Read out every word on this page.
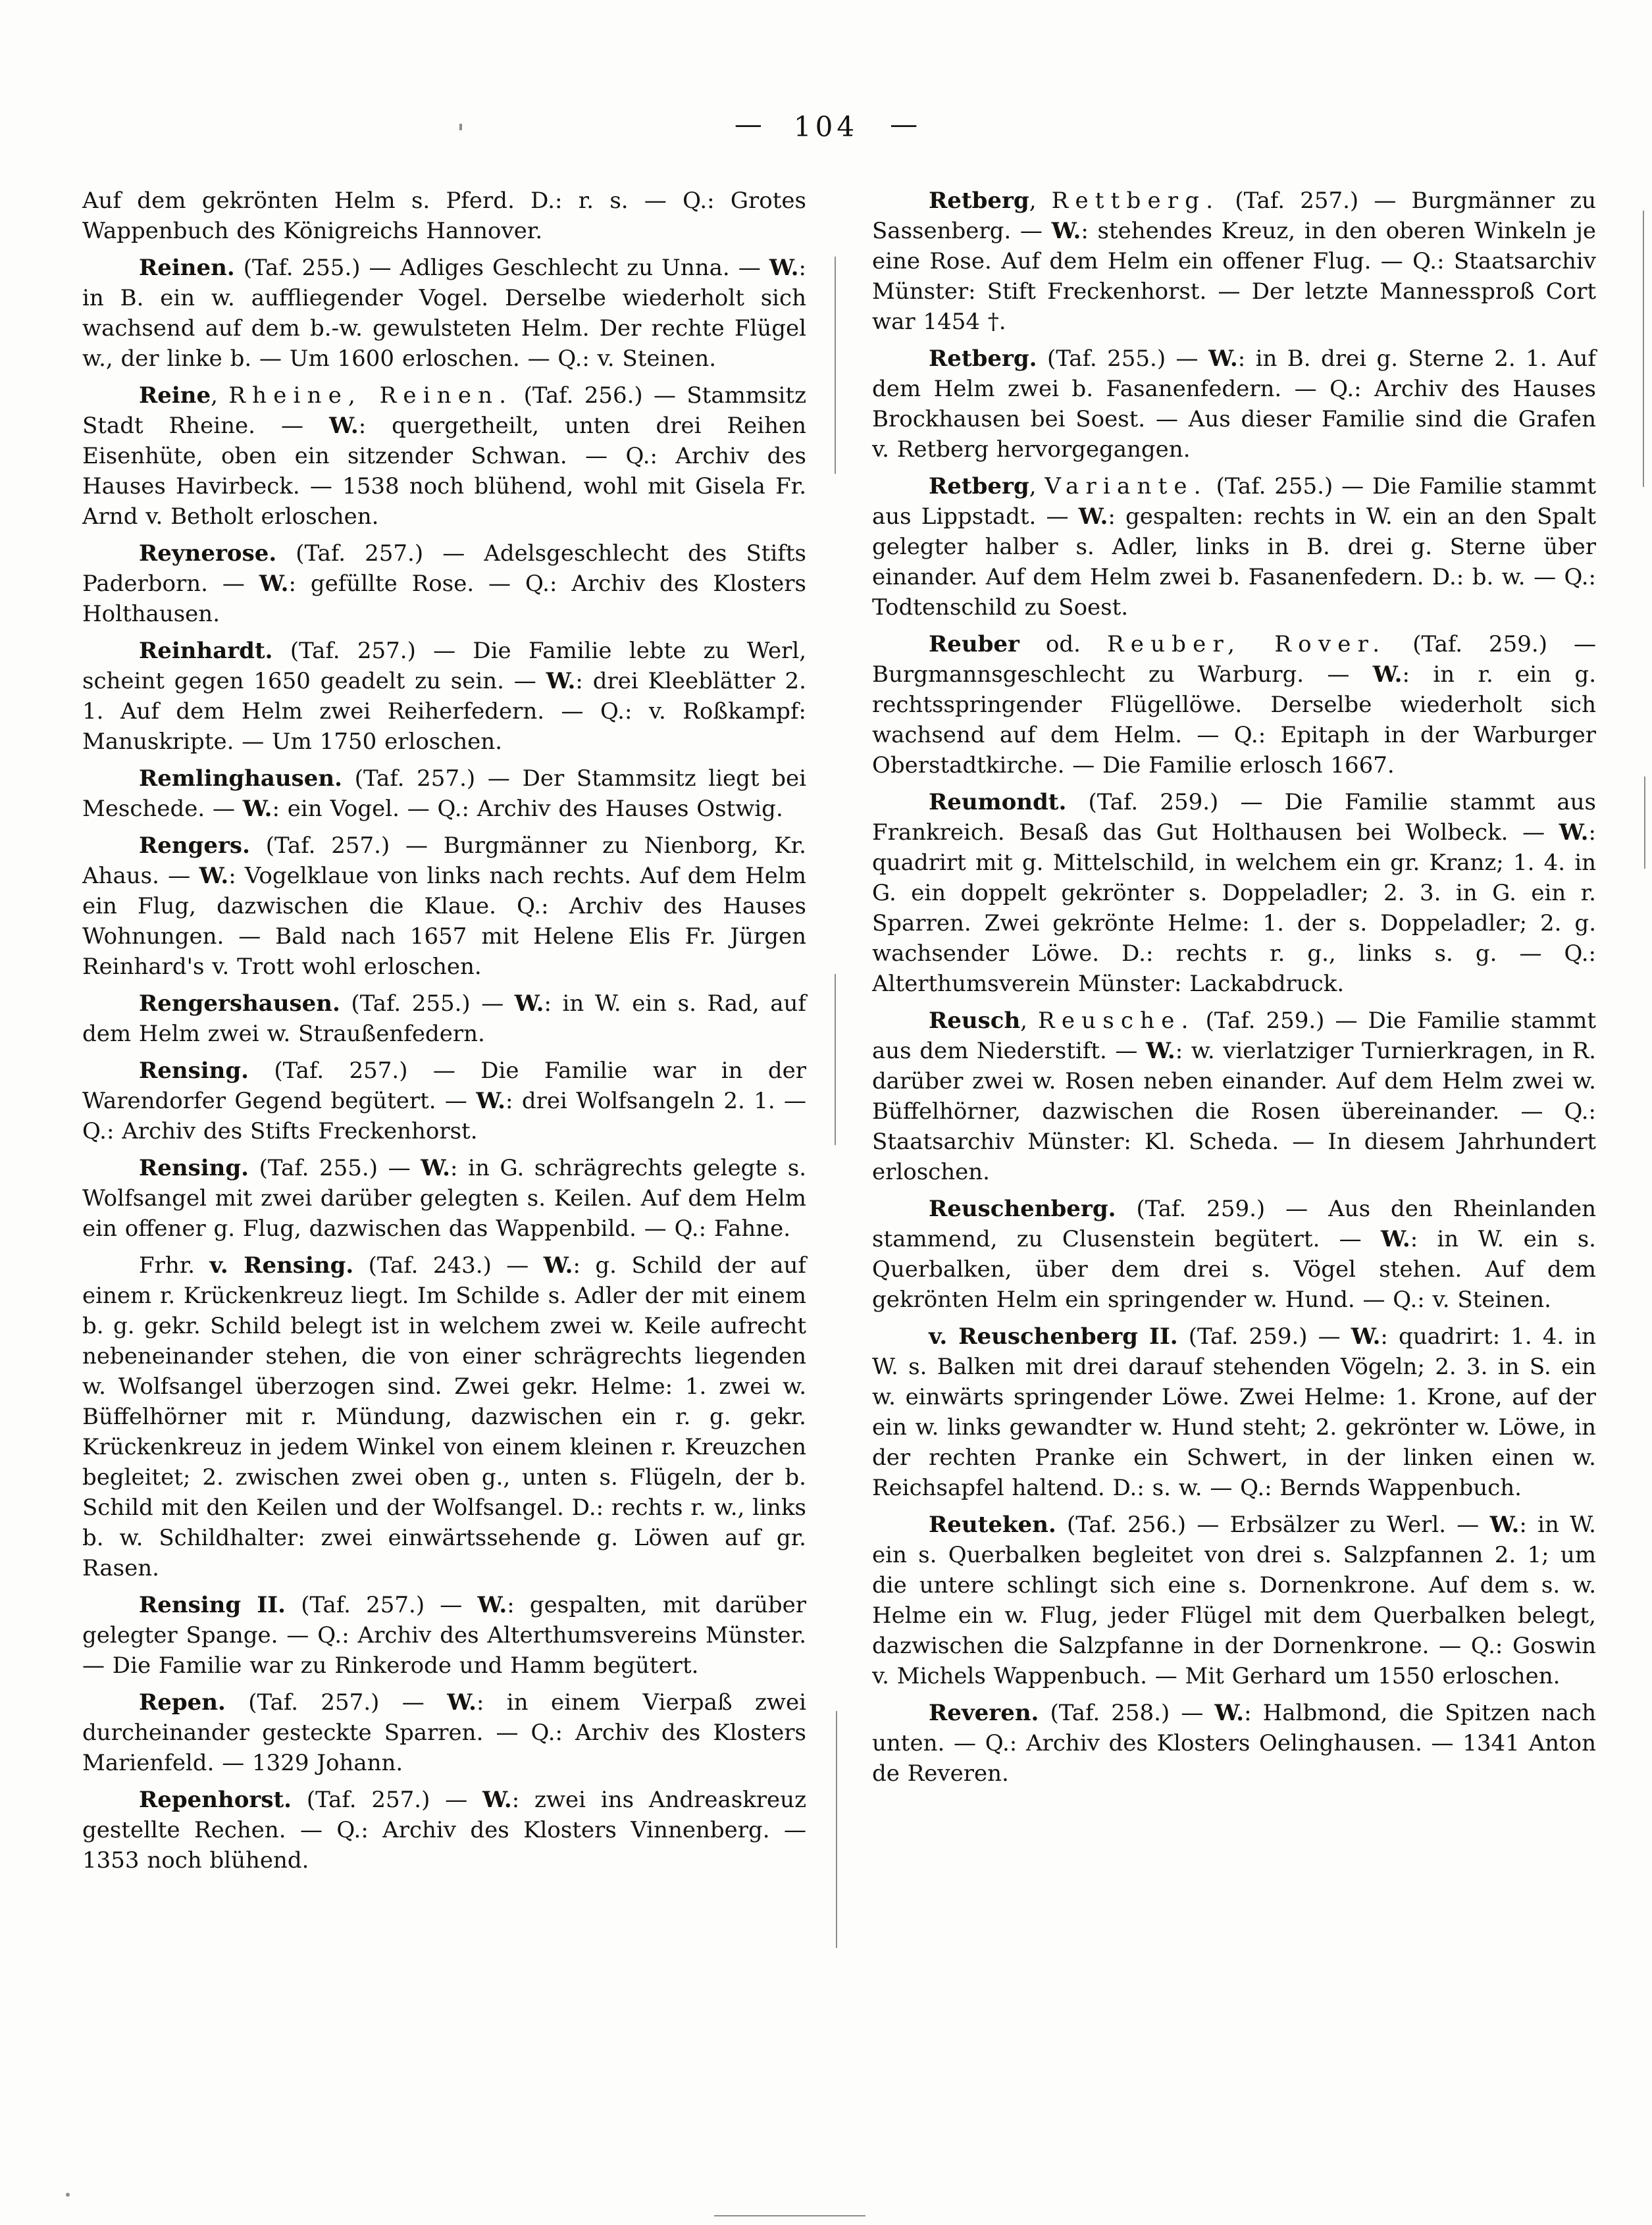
— 104 —

Auf dem gekrönten Helm s. Pferd. D.: r. s. — Q.: Grotes Wappenbuch des Königreichs Hannover.

Reinen. (Taf. 255.) — Adliges Geschlecht zu Unna. — W.: in B. ein w. auffliegender Vogel. Derselbe wiederholt sich wachsend auf dem b.-w. gewulsteten Helm. Der rechte Flügel w., der linke b. — Um 1600 erloschen. — Q.: v. Steinen.

Reine, Rheine, Reinen. (Taf. 256.) — Stammsitz Stadt Rheine. — W.: quergetheilt, unten drei Reihen Eisenhüte, oben ein sitzender Schwan. — Q.: Archiv des Hauses Havirbeck. — 1538 noch blühend, wohl mit Gisela Fr. Arnd v. Betholt erloschen.

Reynerose. (Taf. 257.) — Adelsgeschlecht des Stifts Paderborn. — W.: gefüllte Rose. — Q.: Archiv des Klosters Holthausen.

Reinhardt. (Taf. 257.) — Die Familie lebte zu Werl, scheint gegen 1650 geadelt zu sein. — W.: drei Kleeblätter 2. 1. Auf dem Helm zwei Reiherfedern. — Q.: v. Roßkampf: Manuskripte. — Um 1750 erloschen.

Remlinghausen. (Taf. 257.) — Der Stammsitz liegt bei Meschede. — W.: ein Vogel. — Q.: Archiv des Hauses Ostwig.

Rengers. (Taf. 257.) — Burgmänner zu Nienborg, Kr. Ahaus. — W.: Vogelklaue von links nach rechts. Auf dem Helm ein Flug, dazwischen die Klaue. Q.: Archiv des Hauses Wohnungen. — Bald nach 1657 mit Helene Elis Fr. Jürgen Reinhard's v. Trott wohl erloschen.

Rengershausen. (Taf. 255.) — W.: in W. ein s. Rad, auf dem Helm zwei w. Straußenfedern.

Rensing. (Taf. 257.) — Die Familie war in der Warendorfer Gegend begütert. — W.: drei Wolfsangeln 2. 1. — Q.: Archiv des Stifts Freckenhorst.

Rensing. (Taf. 255.) — W.: in G. schrägrechts gelegte s. Wolfsangel mit zwei darüber gelegten s. Keilen. Auf dem Helm ein offener g. Flug, dazwischen das Wappenbild. — Q.: Fahne.

Frhr. v. Rensing. (Taf. 243.) — W.: g. Schild der auf einem r. Krückenkreuz liegt. Im Schilde s. Adler der mit einem b. g. gekr. Schild belegt ist in welchem zwei w. Keile aufrecht nebeneinander stehen, die von einer schrägrechts liegenden w. Wolfsangel überzogen sind. Zwei gekr. Helme: 1. zwei w. Büffelhörner mit r. Mündung, dazwischen ein r. g. gekr. Krückenkreuz in jedem Winkel von einem kleinen r. Kreuzchen begleitet; 2. zwischen zwei oben g., unten s. Flügeln, der b. Schild mit den Keilen und der Wolfsangel. D.: rechts r. w., links b. w. Schildhalter: zwei einwärtssehende g. Löwen auf gr. Rasen.

Rensing II. (Taf. 257.) — W.: gespalten, mit darüber gelegter Spange. — Q.: Archiv des Alterthumsvereins Münster. — Die Familie war zu Rinkerode und Hamm begütert.

Repen. (Taf. 257.) — W.: in einem Vierpaß zwei durcheinander gesteckte Sparren. — Q.: Archiv des Klosters Marienfeld. — 1329 Johann.

Repenhorst. (Taf. 257.) — W.: zwei ins Andreaskreuz gestellte Rechen. — Q.: Archiv des Klosters Vinnenberg. — 1353 noch blühend.

Retberg, Rettberg. (Taf. 257.) — Burgmänner zu Sassenberg. — W.: stehendes Kreuz, in den oberen Winkeln je eine Rose. Auf dem Helm ein offener Flug. — Q.: Staatsarchiv Münster: Stift Freckenhorst. — Der letzte Mannessproß Cort war 1454 †.

Retberg. (Taf. 255.) — W.: in B. drei g. Sterne 2. 1. Auf dem Helm zwei b. Fasanenfedern. — Q.: Archiv des Hauses Brockhausen bei Soest. — Aus dieser Familie sind die Grafen v. Retberg hervorgegangen.

Retberg, Variante. (Taf. 255.) — Die Familie stammt aus Lippstadt. — W.: gespalten: rechts in W. ein an den Spalt gelegter halber s. Adler, links in B. drei g. Sterne über einander. Auf dem Helm zwei b. Fasanenfedern. D.: b. w. — Q.: Todtenschild zu Soest.

Reuber od. Reuber, Rover. (Taf. 259.) — Burgmannsgeschlecht zu Warburg. — W.: in r. ein g. rechtsspringender Flügellöwe. Derselbe wiederholt sich wachsend auf dem Helm. — Q.: Epitaph in der Warburger Oberstadtkirche. — Die Familie erlosch 1667.

Reumondt. (Taf. 259.) — Die Familie stammt aus Frankreich. Besaß das Gut Holthausen bei Wolbeck. — W.: quadrirt mit g. Mittelschild, in welchem ein gr. Kranz; 1. 4. in G. ein doppelt gekrönter s. Doppeladler; 2. 3. in G. ein r. Sparren. Zwei gekrönte Helme: 1. der s. Doppeladler; 2. g. wachsender Löwe. D.: rechts r. g., links s. g. — Q.: Alterthumsverein Münster: Lackabdruck.

Reusch, Reusche. (Taf. 259.) — Die Familie stammt aus dem Niederstift. — W.: w. vierlatziger Turnierkragen, in R. darüber zwei w. Rosen neben einander. Auf dem Helm zwei w. Büffelhörner, dazwischen die Rosen übereinander. — Q.: Staatsarchiv Münster: Kl. Scheda. — In diesem Jahrhundert erloschen.

Reuschenberg. (Taf. 259.) — Aus den Rheinlanden stammend, zu Clusenstein begütert. — W.: in W. ein s. Querbalken, über dem drei s. Vögel stehen. Auf dem gekrönten Helm ein springender w. Hund. — Q.: v. Steinen.

v. Reuschenberg II. (Taf. 259.) — W.: quadrirt: 1. 4. in W. s. Balken mit drei darauf stehenden Vögeln; 2. 3. in S. ein w. einwärts springender Löwe. Zwei Helme: 1. Krone, auf der ein w. links gewandter w. Hund steht; 2. gekrönter w. Löwe, in der rechten Pranke ein Schwert, in der linken einen w. Reichsapfel haltend. D.: s. w. — Q.: Bernds Wappenbuch.

Reuteken. (Taf. 256.) — Erbsälzer zu Werl. — W.: in W. ein s. Querbalken begleitet von drei s. Salzpfannen 2. 1; um die untere schlingt sich eine s. Dornenkrone. Auf dem s. w. Helme ein w. Flug, jeder Flügel mit dem Querbalken belegt, dazwischen die Salzpfanne in der Dornenkrone. — Q.: Goswin v. Michels Wappenbuch. — Mit Gerhard um 1550 erloschen.

Reveren. (Taf. 258.) — W.: Halbmond, die Spitzen nach unten. — Q.: Archiv des Klosters Oelinghausen. — 1341 Anton de Reveren.
